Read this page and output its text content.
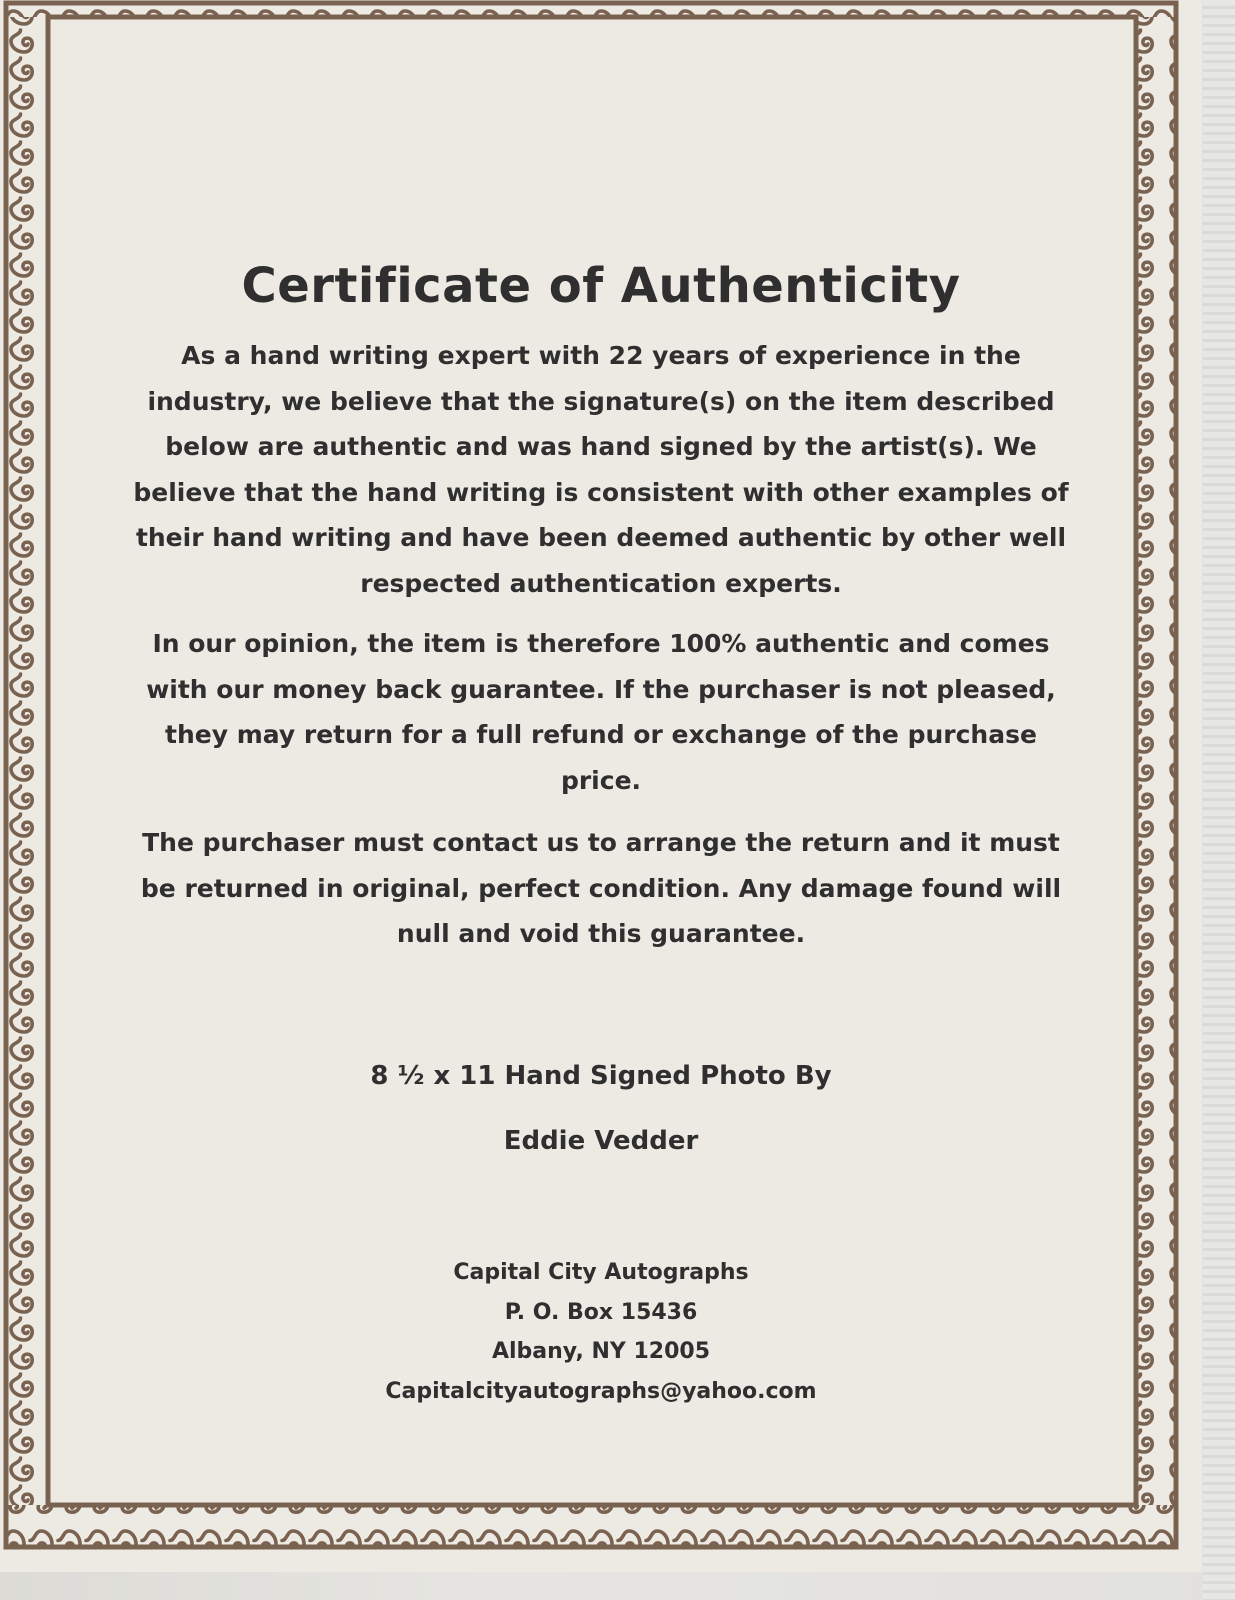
Certificate of Authenticity
As a hand writing expert with 22 years of experience in the industry, we believe that the signature(s) on the item described below are authentic and was hand signed by the artist(s). We believe that the hand writing is consistent with other examples of their hand writing and have been deemed authentic by other well respected authentication experts.
In our opinion, the item is therefore 100% authentic and comes with our money back guarantee. If the purchaser is not pleased, they may return for a full refund or exchange of the purchase price.
The purchaser must contact us to arrange the return and it must be returned in original, perfect condition. Any damage found will null and void this guarantee.
8 ½ x 11 Hand Signed Photo By
Eddie Vedder
Capital City Autographs
P. O. Box 15436
Albany, NY 12005
Capitalcityautographs@yahoo.com
